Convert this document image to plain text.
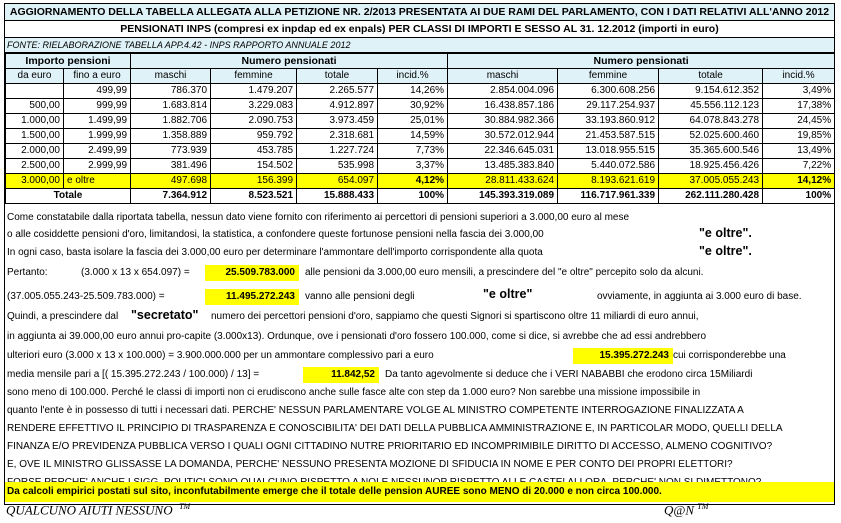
AGGIORNAMENTO DELLA TABELLA ALLEGATA ALLA PETIZIONE NR. 2/2013 PRESENTATA AI DUE RAMI DEL PARLAMENTO, CON I DATI RELATIVI ALL'ANNO 2012
PENSIONATI INPS (compresi ex inpdap ed ex enpals) PER CLASSI DI IMPORTI E SESSO AL 31. 12.2012 (importi in euro)
FONTE: RIELABORAZIONE TABELLA APP.4.42 - INPS RAPPORTO ANNUALE 2012
Importo pensioni		Numero pensionati				Numero pensionati			
da euro	fino a euro	maschi	femmine	totale	incid.%	maschi	femmine	totale	incid.%
	499,99	786.370	1.479.207	2.265.577	14,26%	2.854.004.096	6.300.608.256	9.154.612.352	3,49%
500,00	999,99	1.683.814	3.229.083	4.912.897	30,92%	16.438.857.186	29.117.254.937	45.556.112.123	17,38%
1.000,00	1.499,99	1.882.706	2.090.753	3.973.459	25,01%	30.884.982.366	33.193.860.912	64.078.843.278	24,45%
1.500,00	1.999,99	1.358.889	959.792	2.318.681	14,59%	30.572.012.944	21.453.587.515	52.025.600.460	19,85%
2.000,00	2.499,99	773.939	453.785	1.227.724	7,73%	22.346.645.031	13.018.955.515	35.365.600.546	13,49%
2.500,00	2.999,99	381.496	154.502	535.998	3,37%	13.485.383.840	5.440.072.586	18.925.456.426	7,22%
3.000,00	e oltre	497.698	156.399	654.097	4,12%	28.811.433.624	8.193.621.619	37.005.055.243	14,12%
Totale		7.364.912	8.523.521	15.888.433	100%	145.393.319.089	116.717.961.339	262.111.280.428	100%
Come constatabile dalla riportata tabella, nessun dato viene fornito con riferimento ai percettori di pensioni superiori a 3.000,00 euro al mese
o alle cosiddette pensioni d'oro, limitandosi, la statistica, a confondere queste fortunose pensioni nella fascia dei 3.000,00	"e oltre".
In ogni caso, basta isolare la fascia dei 3.000,00 euro per determinare l'ammontare dell'importo corrispondente alla quota	"e oltre".
Pertanto:	(3.000 x 13 x 654.097) =	25.509.783.000	alle pensioni da 3.000,00 euro mensili, a prescindere del "e oltre" percepito solo da alcuni.
(37.005.055.243-25.509.783.000) =	11.495.272.243	vanno alle pensioni degli	"e oltre"	ovviamente, in aggiunta ai 3.000 euro di base.
Quindi, a prescindere dal "secretato" numero dei percettori pensioni d'oro, sappiamo che questi Signori si spartiscono oltre 11 miliardi di euro annui,
in aggiunta ai 39.000,00 euro annui pro-capite (3.000x13). Ordunque, ove i pensionati d'oro fossero 100.000, come si dice, si avrebbe che ad essi andrebbero
ulteriori euro (3.000 x 13 x 100.000) = 3.900.000.000 per un ammontare complessivo pari a euro	15.395.272.243 cui corrisponderebbe una
media mensile pari a [( 15.395.272.243 / 100.000) / 13] =	11.842,52	Da tanto agevolmente si deduce che i VERI NABABBI che erodono circa 15Miliardi
sono meno di 100.000. Perché le classi di importi non ci erudiscono anche sulle fasce alte con step da 1.000 euro? Non sarebbe una missione impossibile in
quanto l'ente è in possesso di tutti i necessari dati. PERCHE' NESSUN PARLAMENTARE VOLGE AL MINISTRO COMPETENTE INTERROGAZIONE FINALIZZATA A
RENDERE EFFETTIVO IL PRINCIPIO DI TRASPARENZA E CONOSCIBILITA' DEI DATI DELLA PUBBLICA AMMINISTRAZIONE E, IN PARTICOLAR MODO, QUELLI DELLA
FINANZA E/O PREVIDENZA PUBBLICA VERSO I QUALI OGNI CITTADINO NUTRE PRIORITARIO ED INCOMPRIMIBILE DIRITTO DI ACCESSO, ALMENO COGNITIVO?
E, OVE IL MINISTRO GLISSASSE LA DOMANDA, PERCHE' NESSUNO PRESENTA MOZIONE DI SFIDUCIA IN NOME E PER CONTO DEI PROPRI ELETTORI?
Da calcoli empirici postati sul sito, inconfutabilmente emerge che il totale delle pension AUREE sono MENO di 20.000 e non circa 100.000.
QUALCUNO AIUTI NESSUNO ™	Q@N ™
